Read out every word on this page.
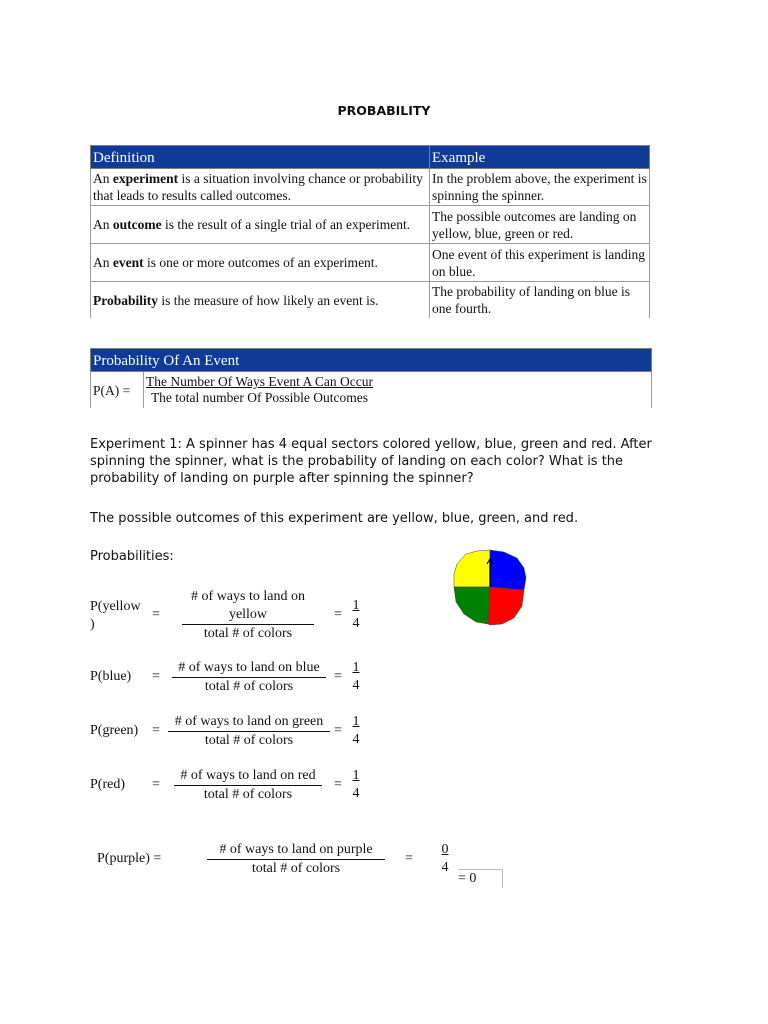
PROBABILITY
Definition	Example
An experiment is a situation involving chance or probability that leads to results called outcomes.	In the problem above, the experiment is spinning the spinner.
An outcome is the result of a single trial of an experiment.	The possible outcomes are landing on yellow, blue, green or red.
An event is one or more outcomes of an experiment.	One event of this experiment is landing on blue.
Probability is the measure of how likely an event is.	The probability of landing on blue is one fourth.
Probability Of An Event
P(A) =	$\frac{\text{The Number Of Ways Event A Can Occur}}{\text{The total number Of Possible Outcomes}}$
Experiment 1: A spinner has 4 equal sectors colored yellow, blue, green and red. After spinning the spinner, what is the probability of landing on each color? What is the probability of landing on purple after spinning the spinner?
The possible outcomes of this experiment are yellow, blue, green, and red.
Probabilities:
P(yellow )
=
# of ways to land on yellow
total # of colors
= $\frac{1}{4}$
P(blue) =
# of ways to land on blue
total # of colors
= $\frac{1}{4}$
P(green) =
# of ways to land on green
total # of colors
= $\frac{1}{4}$
P(red) =
# of ways to land on red
total # of colors
= $\frac{1}{4}$
P(purple) =
# of ways to land on purple
total # of colors
= $\frac{0}{4}$
= 0
